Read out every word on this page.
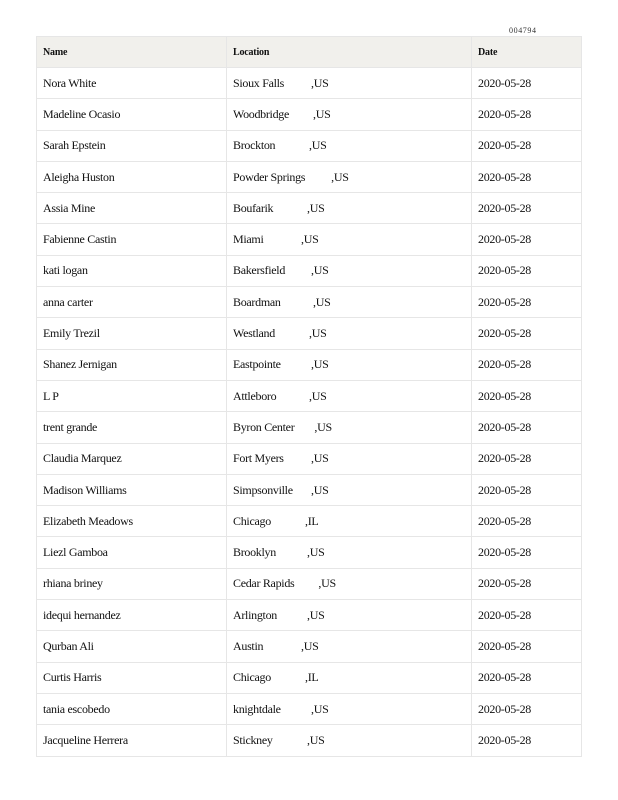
004794
Name	Location	Date
Nora White	Sioux Falls ,US	2020-05-28
Madeline Ocasio	Woodbridge ,US	2020-05-28
Sarah Epstein	Brockton ,US	2020-05-28
Aleigha Huston	Powder Springs ,US	2020-05-28
Assia Mine	Boufarik ,US	2020-05-28
Fabienne Castin	Miami ,US	2020-05-28
kati logan	Bakersfield ,US	2020-05-28
anna carter	Boardman ,US	2020-05-28
Emily Trezil	Westland ,US	2020-05-28
Shanez Jernigan	Eastpointe ,US	2020-05-28
L P	Attleboro ,US	2020-05-28
trent grande	Byron Center ,US	2020-05-28
Claudia Marquez	Fort Myers ,US	2020-05-28
Madison Williams	Simpsonville ,US	2020-05-28
Elizabeth Meadows	Chicago ,IL	2020-05-28
Liezl Gamboa	Brooklyn ,US	2020-05-28
rhiana briney	Cedar Rapids ,US	2020-05-28
idequi hernandez	Arlington ,US	2020-05-28
Qurban Ali	Austin ,US	2020-05-28
Curtis Harris	Chicago ,IL	2020-05-28
tania escobedo	knightdale ,US	2020-05-28
Jacqueline Herrera	Stickney ,US	2020-05-28
